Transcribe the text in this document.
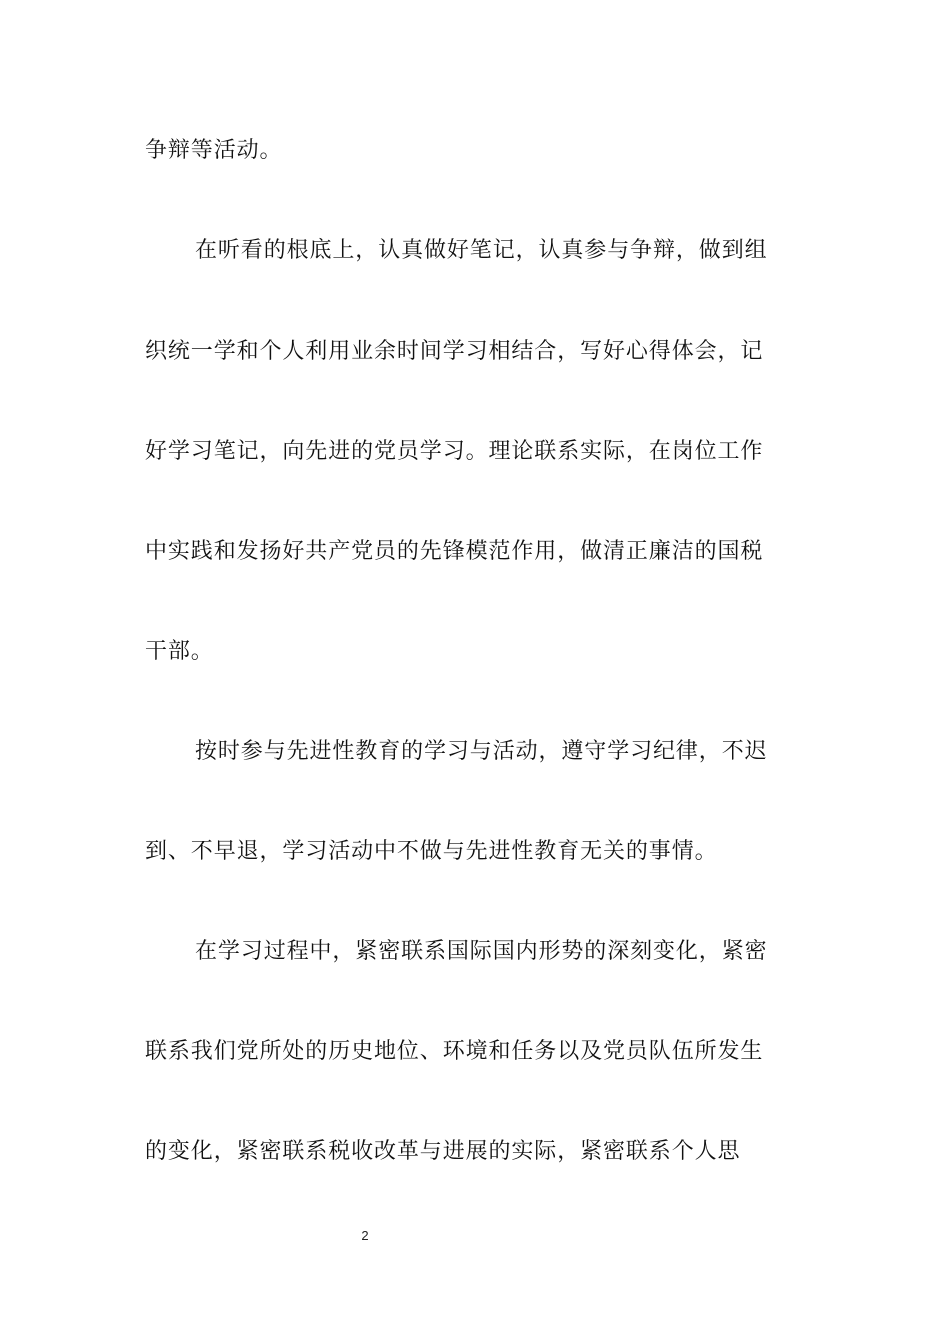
争辩等活动。
在听看的根底上，认真做好笔记，认真参与争辩，做到组
织统一学和个人利用业余时间学习相结合，写好心得体会，记
好学习笔记，向先进的党员学习。理论联系实际，在岗位工作
中实践和发扬好共产党员的先锋模范作用，做清正廉洁的国税
干部。
按时参与先进性教育的学习与活动，遵守学习纪律，不迟
到、不早退，学习活动中不做与先进性教育无关的事情。
在学习过程中，紧密联系国际国内形势的深刻变化，紧密
联系我们党所处的历史地位、环境和任务以及党员队伍所发生
的变化，紧密联系税收改革与进展的实际，紧密联系个人思
2
